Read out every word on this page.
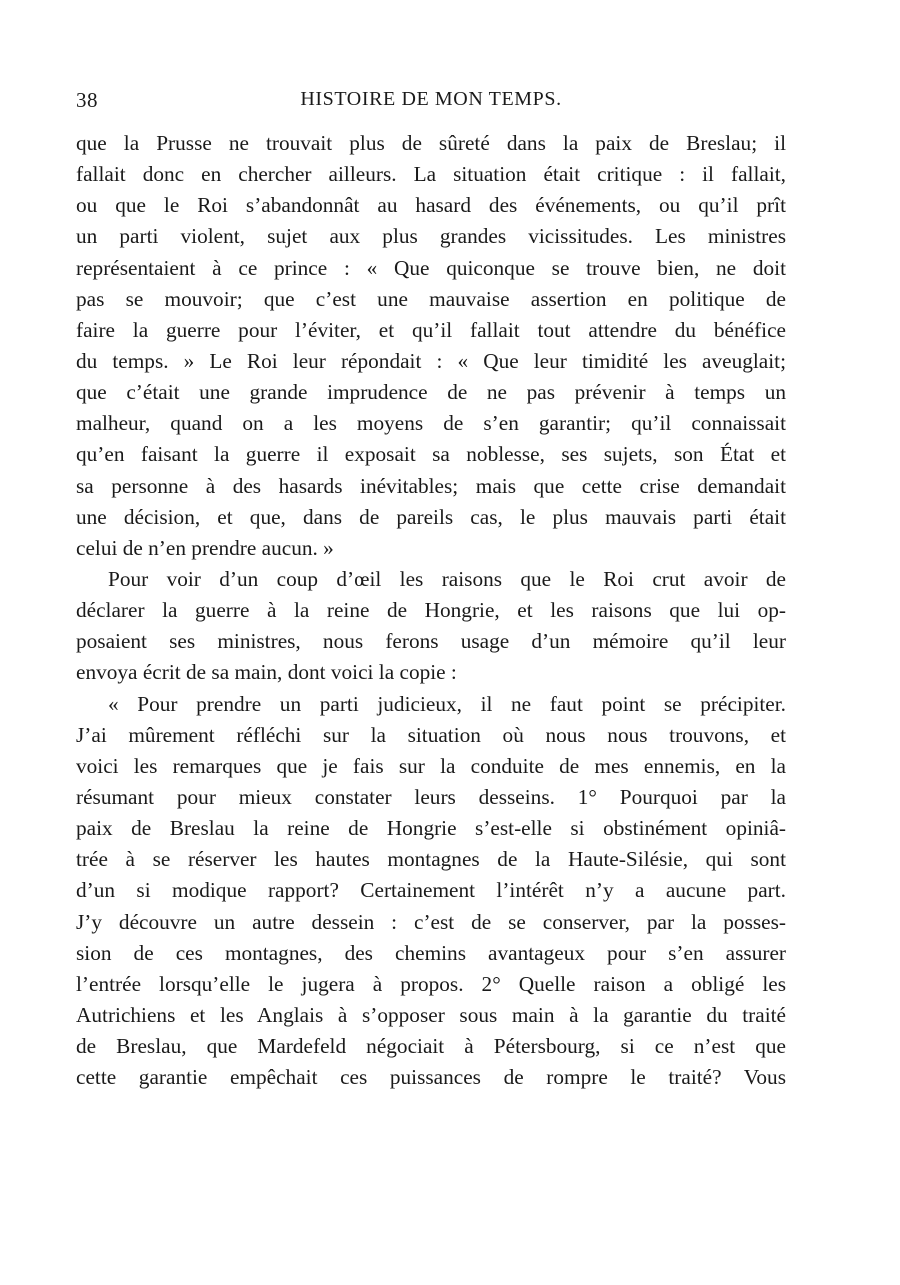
38	HISTOIRE DE MON TEMPS.
que la Prusse ne trouvait plus de sûreté dans la paix de Breslau; il
fallait donc en chercher ailleurs. La situation était critique : il fallait,
ou que le Roi s’abandonnât au hasard des événements, ou qu’il prît
un parti violent, sujet aux plus grandes vicissitudes. Les ministres
représentaient à ce prince : « Que quiconque se trouve bien, ne doit
pas se mouvoir; que c’est une mauvaise assertion en politique de
faire la guerre pour l’éviter, et qu’il fallait tout attendre du bénéfice
du temps. » Le Roi leur répondait : « Que leur timidité les aveuglait;
que c’était une grande imprudence de ne pas prévenir à temps un
malheur, quand on a les moyens de s’en garantir; qu’il connaissait
qu’en faisant la guerre il exposait sa noblesse, ses sujets, son État et
sa personne à des hasards inévitables; mais que cette crise demandait
une décision, et que, dans de pareils cas, le plus mauvais parti était
celui de n’en prendre aucun. »
Pour voir d’un coup d’œil les raisons que le Roi crut avoir de
déclarer la guerre à la reine de Hongrie, et les raisons que lui op-
posaient ses ministres, nous ferons usage d’un mémoire qu’il leur
envoya écrit de sa main, dont voici la copie :
« Pour prendre un parti judicieux, il ne faut point se précipiter.
J’ai mûrement réfléchi sur la situation où nous nous trouvons, et
voici les remarques que je fais sur la conduite de mes ennemis, en la
résumant pour mieux constater leurs desseins. 1° Pourquoi par la
paix de Breslau la reine de Hongrie s’est-elle si obstinément opiniâ-
trée à se réserver les hautes montagnes de la Haute-Silésie, qui sont
d’un si modique rapport? Certainement l’intérêt n’y a aucune part.
J’y découvre un autre dessein : c’est de se conserver, par la posses-
sion de ces montagnes, des chemins avantageux pour s’en assurer
l’entrée lorsqu’elle le jugera à propos. 2° Quelle raison a obligé les
Autrichiens et les Anglais à s’opposer sous main à la garantie du traité
de Breslau, que Mardefeld négociait à Pétersbourg, si ce n’est que
cette garantie empêchait ces puissances de rompre le traité? Vous
